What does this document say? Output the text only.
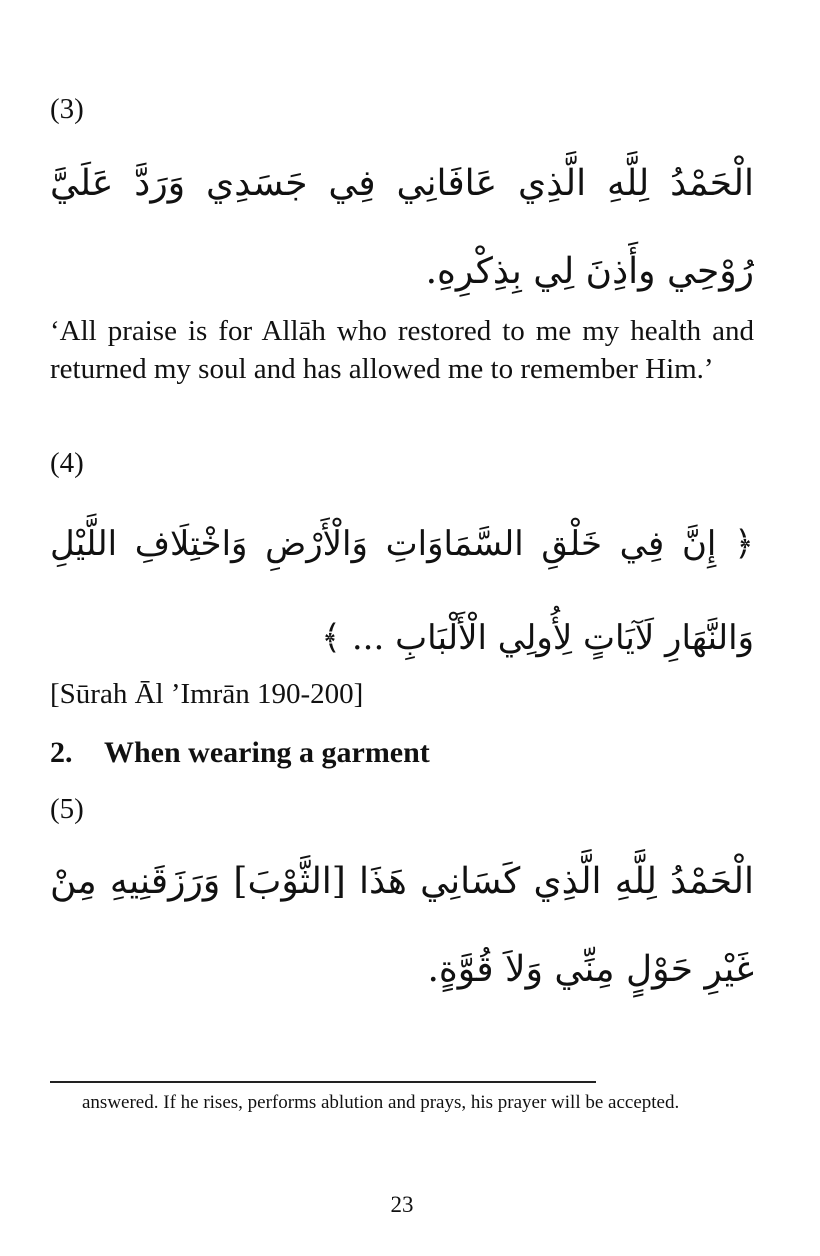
(3)
الْحَمْدُ لِلَّهِ الَّذِي عَافَانِي فِي جَسَدِي وَرَدَّ عَلَيَّ رُوْحِي وأَذِنَ لِي بِذِكْرِهِ.
‘All praise is for Allāh who restored to me my health and returned my soul and has allowed me to remember Him.’
(4)
﴿ إِنَّ فِي خَلْقِ السَّمَاوَاتِ وَالْأَرْضِ وَاخْتِلَافِ اللَّيْلِ وَالنَّهَارِ لَآيَاتٍ لِأُولِي الْأَلْبَابِ ... ﴾
[Sūrah Āl ’Imrān 190-200]
2. When wearing a garment
(5)
الْحَمْدُ لِلَّهِ الَّذِي كَسَانِي هَذَا [الثَّوْبَ] وَرَزَقَنِيهِ مِنْ غَيْرِ حَوْلٍ مِنِّي وَلاَ قُوَّةٍ.
answered. If he rises, performs ablution and prays, his prayer will be accepted.
23
